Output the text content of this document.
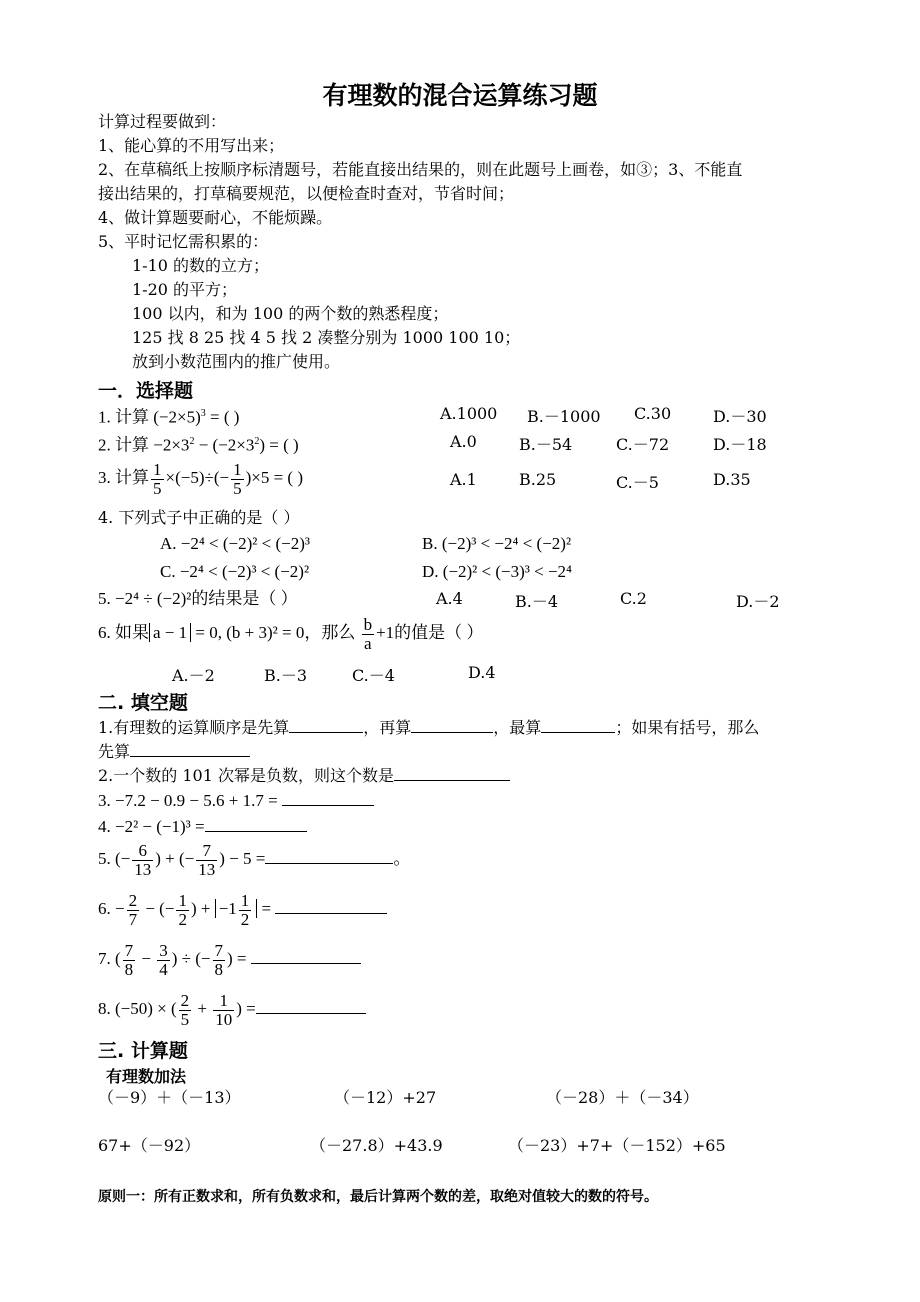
有理数的混合运算练习题
计算过程要做到：
1、能心算的不用写出来；
2、在草稿纸上按顺序标清题号，若能直接出结果的，则在此题号上画卷，如③；3、不能直
接出结果的，打草稿要规范，以便检查时查对，节省时间；
4、做计算题要耐心，不能烦躁。
5、平时记忆需积累的：
1-10 的数的立方；
1-20 的平方；
100 以内，和为 100 的两个数的熟悉程度；
125 找 8 25 找 4 5 找 2 凑整分别为 1000 100 10；
放到小数范围内的推广使用。
一．选择题
1. 计算 $(-2\times 5)^3$ = ( )	A.1000 B.－1000 C.30	D.－30
2. 计算 $-2\times 3^2 - (-2\times 3^2)$ = ( )	A.0	B.－54	C.－72	D.－18
3. 计算 $\frac{1}{5} \times(-5)\div(- \frac{1}{5} )\times 5$ = ( )	A.1	B.25	C.－5	D.35
4. 下列式子中正确的是（ ）
A. −2⁴ < (−2)² < (−2)³	B. (−2)³ < −2⁴ < (−2)²
C. −2⁴ < (−2)³ < (−2)²	D. (−2)² < (−3)³ < −2⁴
5. −2⁴ ÷ (−2)²的结果是（ ）	A.4	B.－4	C.2	D.－2
6. 如果 a − 1 = 0, (b + 3)² = 0，那么 $\frac{b}{a} +1$的值是（ ）
A.－2	B.－3	C.－4	D.4
二. 填空题
1.有理数的运算顺序是先算	，再算	，最算	；如果有括号，那么
先算
2.一个数的 101 次幂是负数，则这个数是
3. −7.2 − 0.9 − 5.6 + 1.7 =
4. −2² − (−1)³ =
5. (− $\frac{6}{13}$ ) + (− $\frac{7}{13}$ ) − 5 =	。
6. − $\frac{2}{7}$ − (− $\frac{1}{2}$ ) + $-1 \frac{1}{2}$ =
7. ( $\frac{7}{8} - \frac{3}{4}$ ) ÷ (− $\frac{7}{8}$ ) =
8. (−50) × ( $\frac{2}{5} + \frac{1}{10}$ ) =
三. 计算题
有理数加法
（－9）＋（－13）	（－12）+27	（－28）＋（－34）
67+（－92）	（－27.8）+43.9	（－23）+7+（－152）+65
原则一：所有正数求和，所有负数求和，最后计算两个数的差，取绝对值较大的数的符号。
